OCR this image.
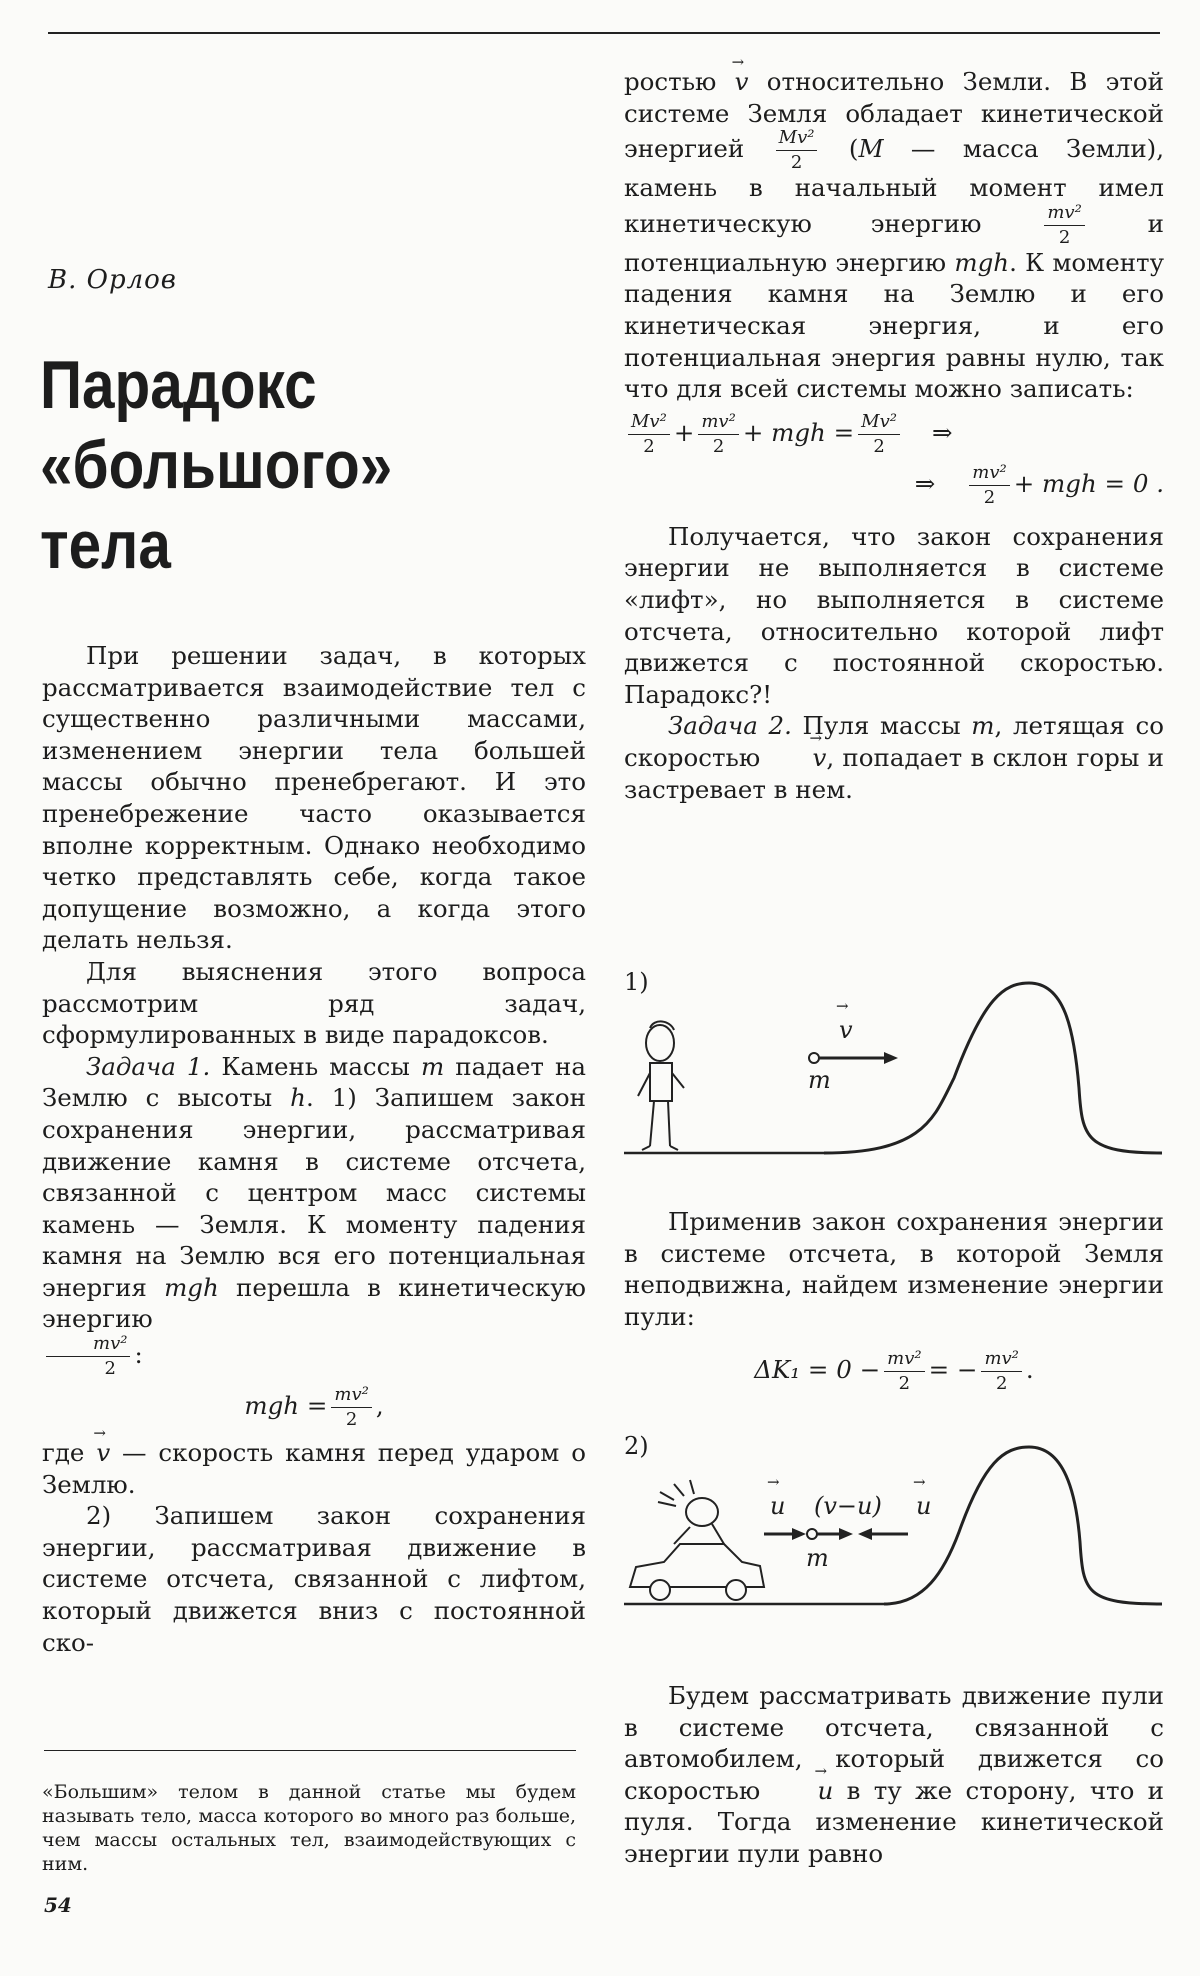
В. Орлов
Парадокс
«большого»
тела

При решении задач, в которых рассматривается взаимодействие тел с существенно различными массами, изменением энергии тела большей массы обычно пренебрегают. И это пренебрежение часто оказывается вполне корректным. Однако необходимо четко представлять себе, когда такое допущение возможно, а когда этого делать нельзя.

Для выяснения этого вопроса рассмотрим ряд задач, сформулированных в виде парадоксов.

Задача 1. Камень массы m падает на Землю с высоты h. 1) Запишем закон сохранения энергии, рассматривая движение камня в системе отсчета, связанной с центром масс системы камень — Земля. К моменту падения камня на Землю вся его потенциальная энергия mgh перешла в кинетическую энергию

$\frac{\text{mv²}}{2}$ :

mgh = $\frac{\text{mv²}}{2}$ ,

где → v — скорость камня перед ударом о Землю.

2) Запишем закон сохранения энергии, рассматривая движение в системе отсчета, связанной с лифтом, который движется вниз с постоянной ско-

ростью → v относительно Земли. В этой системе Земля обладает кинетической энергией $\frac{\text{Mv²}}{2} (M$ — масса Земли), камень в начальный момент имел кинетическую энергию $\frac{\text{mv²}}{2}$ и потенциальную энергию mgh. К моменту падения камня на Землю и его кинетическая энергия, и его потенциальная энергия равны нулю, так что для всей системы можно записать:

$\frac{\text{Mv²}}{2} + \frac{\text{mv²}}{2}$ + mgh = $\frac{\text{Mv²}}{2}$ ⇒
⇒ $\frac{\text{mv²}}{2}$ + mgh = 0 .

Получается, что закон сохранения энергии не выполняется в системе «лифт», но выполняется в системе отсчета, относительно которой лифт движется с постоянной скоростью. Парадокс?!

Задача 2. Пуля массы m, летящая со скоростью → v, попадает в склон горы и застревает в нем.

1)
→ v
m

Применив закон сохранения энергии в системе отсчета, в которой Земля неподвижна, найдем изменение энергии пули:

$\Delta K_1 = 0 - \frac{\text{mv²}}{2}$ = − $\frac{\text{mv²}}{2}$ .
2)
→ u (v−u) → u
m

Будем рассматривать движение пули в системе отсчета, связанной с автомобилем, который движется со скоростью → u в ту же сторону, что и пуля. Тогда изменение кинетической энергии пули равно

«Большим» телом в данной статье мы будем называть тело, масса которого во много раз больше, чем массы остальных тел, взаимодействующих с ним.
54
